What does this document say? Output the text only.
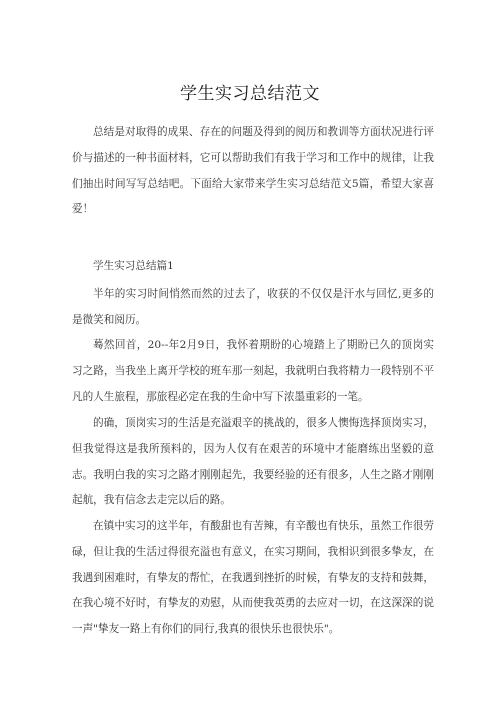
学生实习总结范文

总结是对取得的成果、存在的问题及得到的阅历和教训等方面状况进行评价与描述的一种书面材料，它可以帮助我们有我于学习和工作中的规律，让我们抽出时间写写总结吧。下面给大家带来学生实习总结范文5篇，希望大家喜爱！

学生实习总结篇1

半年的实习时间悄然而然的过去了，收获的不仅仅是汗水与回忆,更多的是微笑和阅历。

蓦然回首，20--年2月9日，我怀着期盼的心境踏上了期盼已久的顶岗实习之路，当我坐上离开学校的班车那一刻起，我就明白我将精力一段特别不平凡的人生旅程，那旅程必定在我的生命中写下浓墨重彩的一笔。

的确，顶岗实习的生活是充溢艰辛的挑战的，很多人懊悔选择顶岗实习，但我觉得这是我所预料的，因为人仅有在艰苦的环境中才能磨练出坚毅的意志。我明白我的实习之路才刚刚起先，我要经验的还有很多，人生之路才刚刚起航，我有信念去走完以后的路。

在镇中实习的这半年，有酸甜也有苦辣，有辛酸也有快乐，虽然工作很劳碌，但让我的生活过得很充溢也有意义，在实习期间，我相识到很多挚友，在我遇到困难时，有挚友的帮忙，在我遇到挫折的时候，有挚友的支持和鼓舞，在我心境不好时，有挚友的劝慰，从而使我英勇的去应对一切，在这深深的说一声"挚友一路上有你们的同行,我真的很快乐也很快乐"。
